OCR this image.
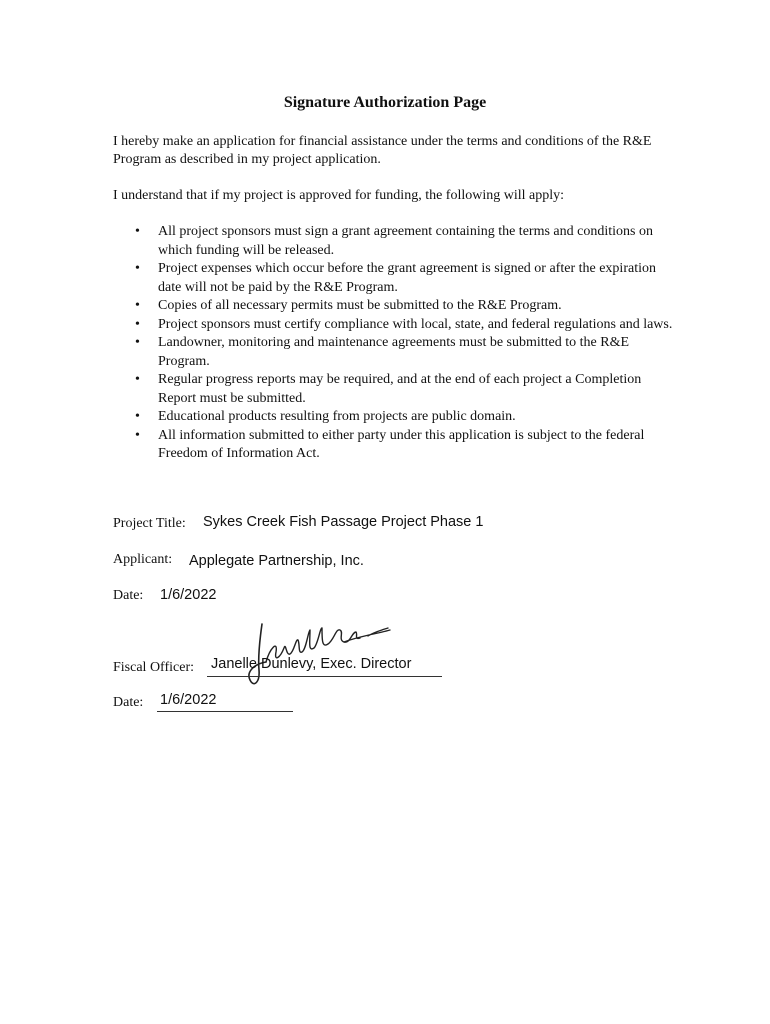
Signature Authorization Page
I hereby make an application for financial assistance under the terms and conditions of the R&E Program as described in my project application.
I understand that if my project is approved for funding, the following will apply:
• All project sponsors must sign a grant agreement containing the terms and conditions on which funding will be released.
• Project expenses which occur before the grant agreement is signed or after the expiration date will not be paid by the R&E Program.
• Copies of all necessary permits must be submitted to the R&E Program.
• Project sponsors must certify compliance with local, state, and federal regulations and laws.
• Landowner, monitoring and maintenance agreements must be submitted to the R&E Program.
• Regular progress reports may be required, and at the end of each project a Completion Report must be submitted.
• Educational products resulting from projects are public domain.
• All information submitted to either party under this application is subject to the federal Freedom of Information Act.
Project Title: Sykes Creek Fish Passage Project Phase 1
Applicant: Applegate Partnership, Inc.
Date: 1/6/2022
Fiscal Officer: Janelle Dunlevy, Exec. Director
Date: 1/6/2022
